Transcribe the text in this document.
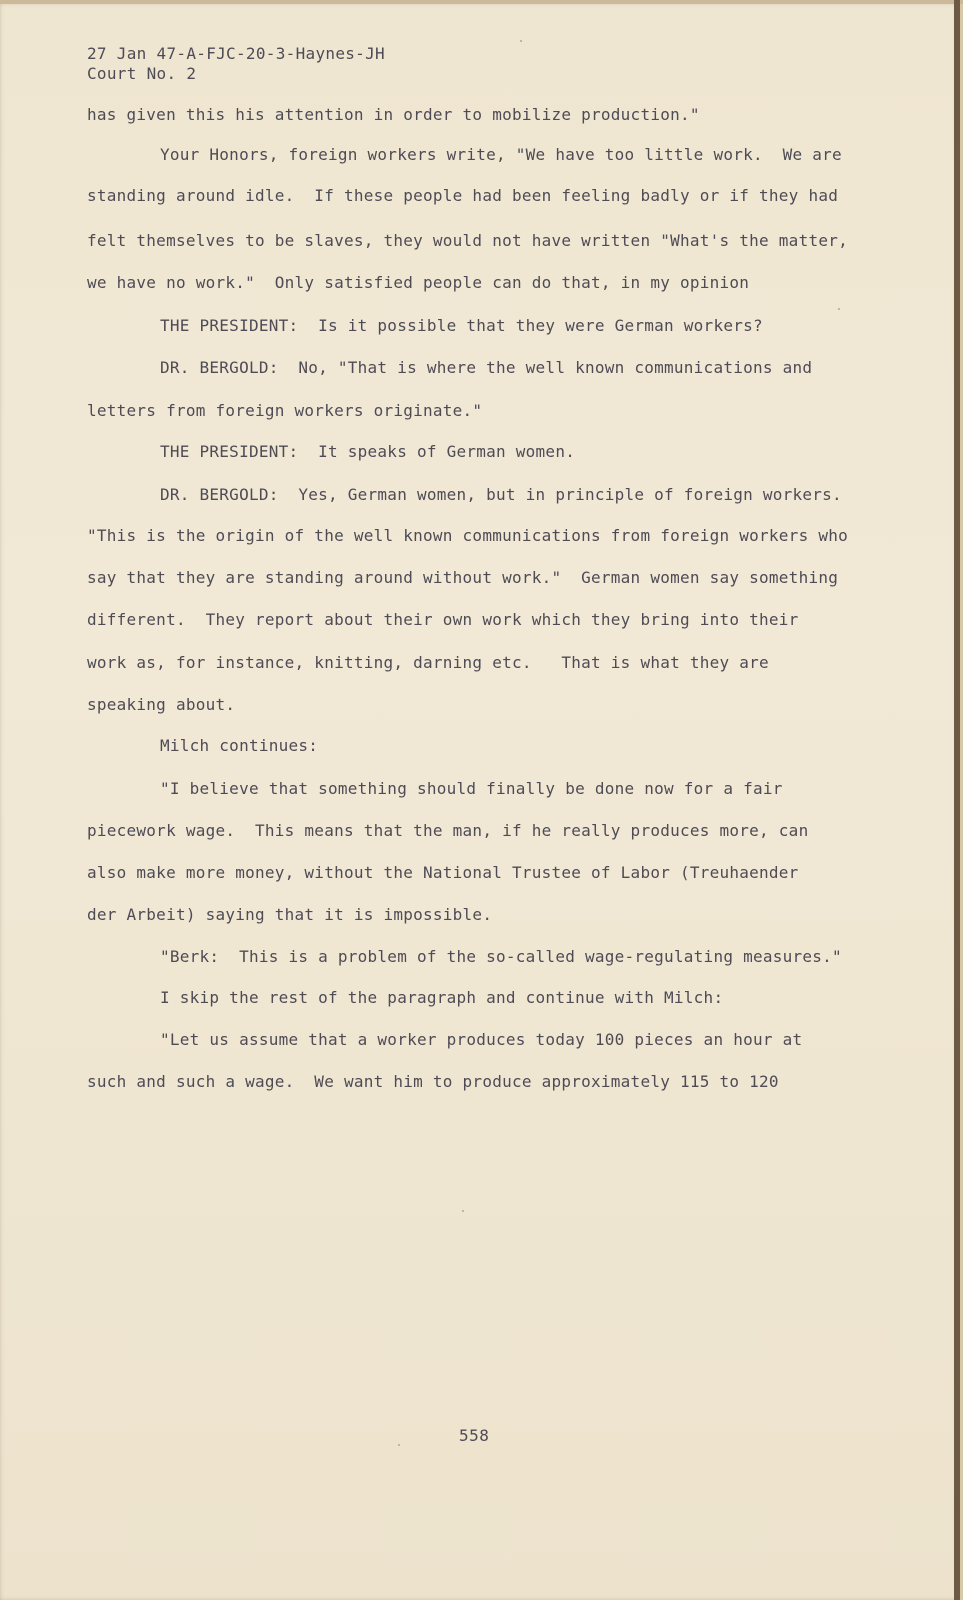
27 Jan 47-A-FJC-20-3-Haynes-JH
Court No. 2
has given this his attention in order to mobilize production."
Your Honors, foreign workers write, "We have too little work.  We are
standing around idle.  If these people had been feeling badly or if they had
felt themselves to be slaves, they would not have written "What's the matter,
we have no work."  Only satisfied people can do that, in my opinion
THE PRESIDENT:  Is it possible that they were German workers?
DR. BERGOLD:  No, "That is where the well known communications and
letters from foreign workers originate."
THE PRESIDENT:  It speaks of German women.
DR. BERGOLD:  Yes, German women, but in principle of foreign workers.
"This is the origin of the well known communications from foreign workers who
say that they are standing around without work."  German women say something
different.  They report about their own work which they bring into their
work as, for instance, knitting, darning etc.   That is what they are
speaking about.
Milch continues:
"I believe that something should finally be done now for a fair
piecework wage.  This means that the man, if he really produces more, can
also make more money, without the National Trustee of Labor (Treuhaender
der Arbeit) saying that it is impossible.
"Berk:  This is a problem of the so-called wage-regulating measures."
I skip the rest of the paragraph and continue with Milch:
"Let us assume that a worker produces today 100 pieces an hour at
such and such a wage.  We want him to produce approximately 115 to 120
558
